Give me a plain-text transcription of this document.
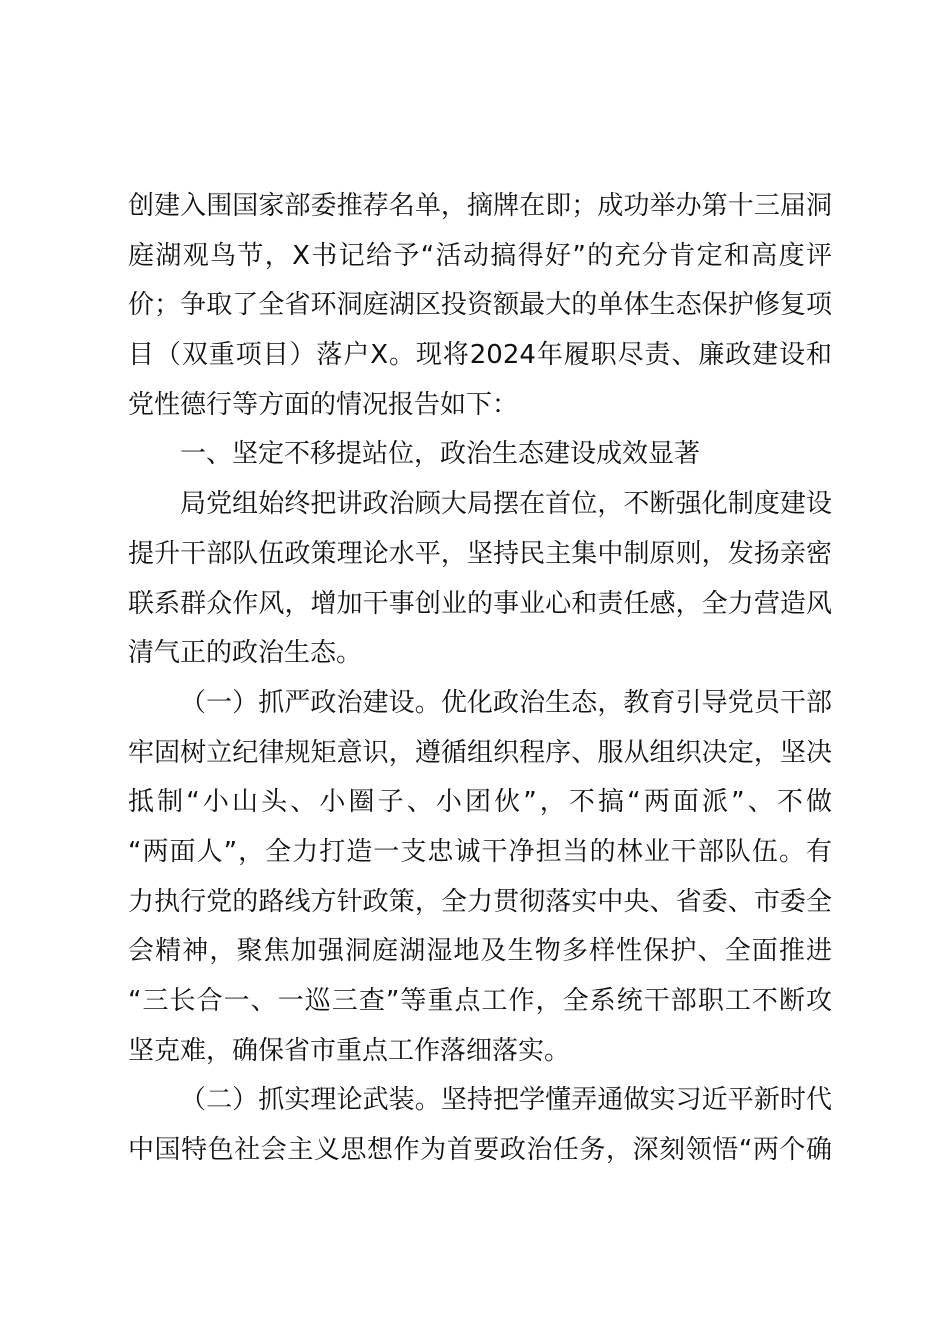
创建入围国家部委推荐名单，摘牌在即；成功举办第十三届洞
庭湖观鸟节，X书记给予“活动搞得好”的充分肯定和高度评
价；争取了全省环洞庭湖区投资额最大的单体生态保护修复项
目（双重项目）落户X。现将2024年履职尽责、廉政建设和
党性德行等方面的情况报告如下：
一、坚定不移提站位，政治生态建设成效显著
局党组始终把讲政治顾大局摆在首位，不断强化制度建设
提升干部队伍政策理论水平，坚持民主集中制原则，发扬亲密
联系群众作风，增加干事创业的事业心和责任感，全力营造风
清气正的政治生态。
（一）抓严政治建设。优化政治生态，教育引导党员干部
牢固树立纪律规矩意识，遵循组织程序、服从组织决定，坚决
抵制“小山头、小圈子、小团伙”，不搞“两面派”、不做
“两面人”，全力打造一支忠诚干净担当的林业干部队伍。有
力执行党的路线方针政策，全力贯彻落实中央、省委、市委全
会精神，聚焦加强洞庭湖湿地及生物多样性保护、全面推进
“三长合一、一巡三查”等重点工作，全系统干部职工不断攻
坚克难，确保省市重点工作落细落实。
（二）抓实理论武装。坚持把学懂弄通做实习近平新时代
中国特色社会主义思想作为首要政治任务，深刻领悟“两个确
